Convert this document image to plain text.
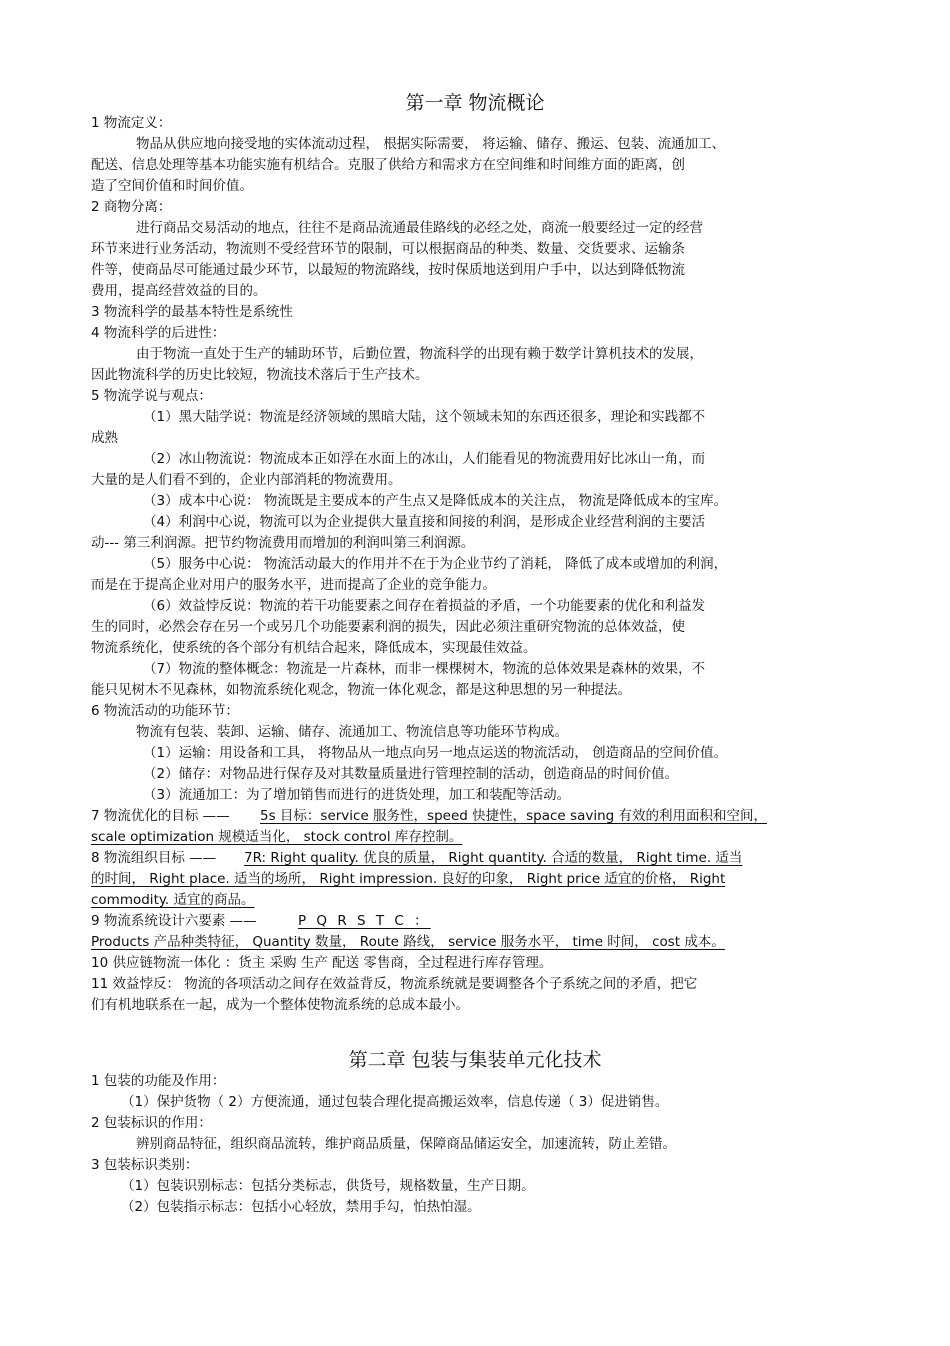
第一章 物流概论
1 物流定义：
物品从供应地向接受地的实体流动过程， 根据实际需要， 将运输、储存、搬运、包装、流通加工、
配送、信息处理等基本功能实施有机结合。克服了供给方和需求方在空间维和时间维方面的距离，创
造了空间价值和时间价值。
2 商物分离：
进行商品交易活动的地点，往往不是商品流通最佳路线的必经之处，商流一般要经过一定的经营
环节来进行业务活动，物流则不受经营环节的限制，可以根据商品的种类、数量、交货要求、运输条
件等，使商品尽可能通过最少环节，以最短的物流路线，按时保质地送到用户手中，以达到降低物流
费用，提高经营效益的目的。
3 物流科学的最基本特性是系统性
4 物流科学的后进性：
由于物流一直处于生产的辅助环节，后勤位置，物流科学的出现有赖于数学计算机技术的发展，
因此物流科学的历史比较短，物流技术落后于生产技术。
5 物流学说与观点：
（1）黑大陆学说：物流是经济领域的黑暗大陆，这个领域未知的东西还很多，理论和实践都不
成熟
（2）冰山物流说：物流成本正如浮在水面上的冰山，人们能看见的物流费用好比冰山一角，而
大量的是人们看不到的，企业内部消耗的物流费用。
（3）成本中心说： 物流既是主要成本的产生点又是降低成本的关注点， 物流是降低成本的宝库。
（4）利润中心说，物流可以为企业提供大量直接和间接的利润，是形成企业经营利润的主要活
动--- 第三利润源。把节约物流费用而增加的利润叫第三利润源。
（5）服务中心说： 物流活动最大的作用并不在于为企业节约了消耗， 降低了成本或增加的利润，
而是在于提高企业对用户的服务水平，进而提高了企业的竞争能力。
（6）效益悖反说：物流的若干功能要素之间存在着损益的矛盾，一个功能要素的优化和利益发
生的同时，必然会存在另一个或另几个功能要素利润的损失，因此必须注重研究物流的总体效益，使
物流系统化，使系统的各个部分有机结合起来，降低成本，实现最佳效益。
（7）物流的整体概念：物流是一片森林，而非一棵棵树木，物流的总体效果是森林的效果，不
能只见树木不见森林，如物流系统化观念，物流一体化观念，都是这种思想的另一种提法。
6 物流活动的功能环节：
物流有包装、装卸、运输、储存、流通加工、物流信息等功能环节构成。
（1）运输：用设备和工具， 将物品从一地点向另一地点运送的物流活动， 创造商品的空间价值。
（2）储存：对物品进行保存及对其数量质量进行管理控制的活动，创造商品的时间价值。
（3）流通加工：为了增加销售而进行的进货处理，加工和装配等活动。
7 物流优化的目标 —— 5s 目标：service 服务性，speed 快捷性，space saving 有效的利用面积和空间，
scale optimization 规模适当化， stock control 库存控制。
8 物流组织目标 —— 7R: Right quality. 优良的质量， Right quantity. 合适的数量， Right time. 适当
的时间， Right place. 适当的场所， Right impression. 良好的印象， Right price 适宜的价格， Right
commodity. 适宜的商品。
9 物流系统设计六要素 ——	P Q R S T C ：
Products 产品种类特征， Quantity 数量， Route 路线， service 服务水平， time 时间， cost 成本。
10 供应链物流一体化 ：货主 采购 生产 配送 零售商，全过程进行库存管理。
11 效益悖反： 物流的各项活动之间存在效益背反，物流系统就是要调整各个子系统之间的矛盾，把它
们有机地联系在一起，成为一个整体使物流系统的总成本最小。
第二章 包装与集装单元化技术
1 包装的功能及作用：
（1）保护货物（ 2）方便流通，通过包装合理化提高搬运效率，信息传递（ 3）促进销售。
2 包装标识的作用：
辨别商品特征，组织商品流转，维护商品质量，保障商品储运安全，加速流转，防止差错。
3 包装标识类别：
（1）包装识别标志：包括分类标志，供货号，规格数量，生产日期。
（2）包装指示标志：包括小心轻放，禁用手勾，怕热怕湿。
